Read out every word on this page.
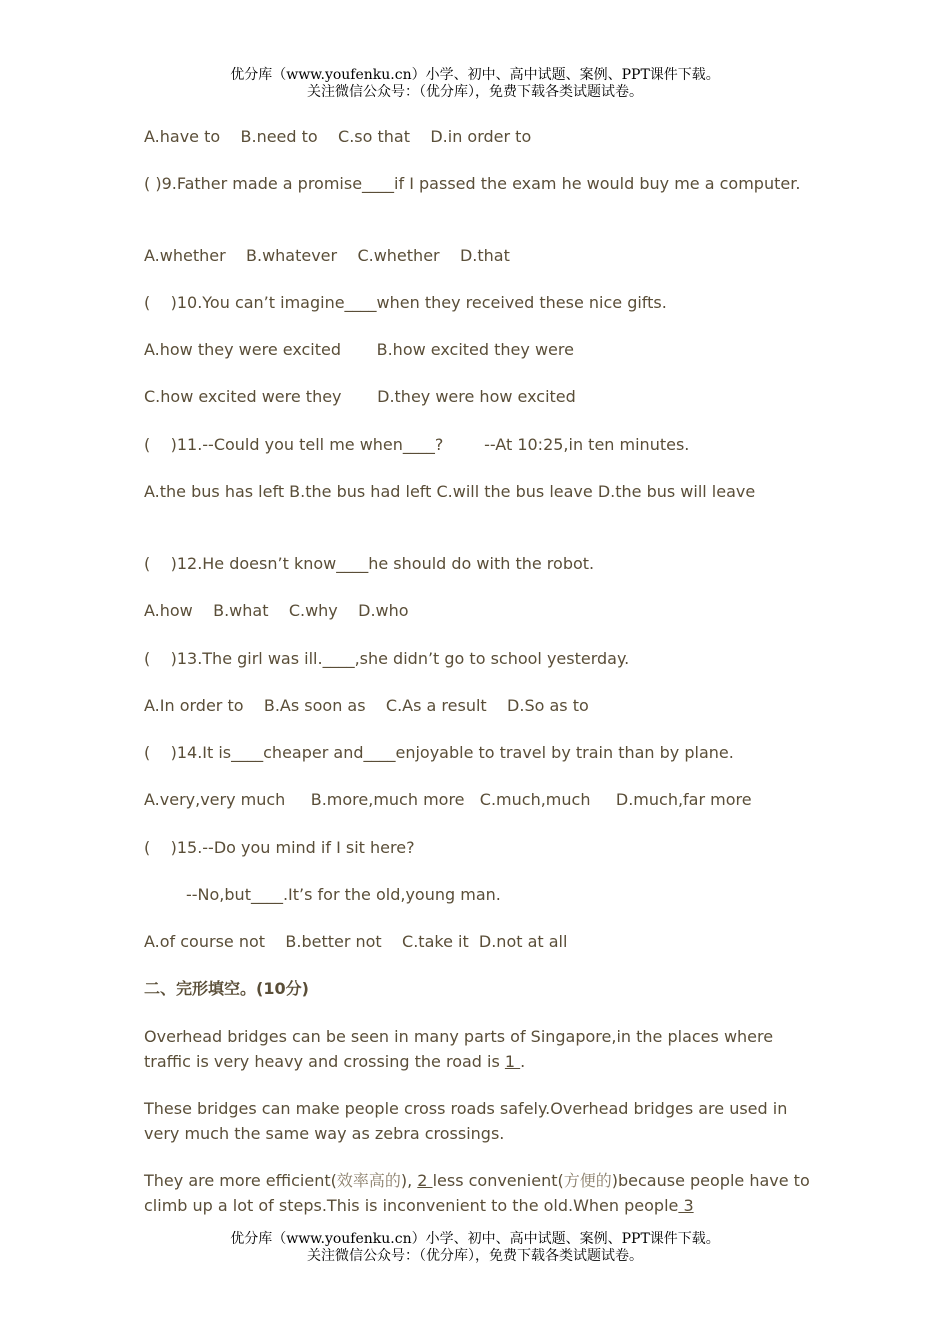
优分库（www.youfenku.cn）小学、初中、高中试题、案例、PPT课件下载。
关注微信公众号：（优分库），免费下载各类试题试卷。
A.have to    B.need to    C.so that    D.in order to
( )9.Father made a promise____if I passed the exam he would buy me a computer.
A.whether    B.whatever    C.whether    D.that
(    )10.You can’t imagine____when they received these nice gifts.
A.how they were excited       B.how excited they were
C.how excited were they       D.they were how excited
(    )11.--Could you tell me when____?        --At 10:25,in ten minutes.
A.the bus has left B.the bus had left C.will the bus leave D.the bus will leave
(    )12.He doesn’t know____he should do with the robot.
A.how    B.what    C.why    D.who
(    )13.The girl was ill.____,she didn’t go to school yesterday.
A.In order to    B.As soon as    C.As a result    D.So as to
(    )14.It is____cheaper and____enjoyable to travel by train than by plane.
A.very,very much     B.more,much more   C.much,much     D.much,far more
(    )15.--Do you mind if I sit here?
--No,but____.It’s for the old,young man.
A.of course not    B.better not    C.take it  D.not at all
二、完形填空。(10分)
Overhead bridges can be seen in many parts of Singapore,in the places where traffic is very heavy and crossing the road is 1 .
These bridges can make people cross roads safely.Overhead bridges are used in very much the same way as zebra crossings.
They are more efficient(效率高的), 2 less convenient(方便的)because people have to climb up a lot of steps.This is inconvenient to the old.When people 3
优分库（www.youfenku.cn）小学、初中、高中试题、案例、PPT课件下载。
关注微信公众号：（优分库），免费下载各类试题试卷。
